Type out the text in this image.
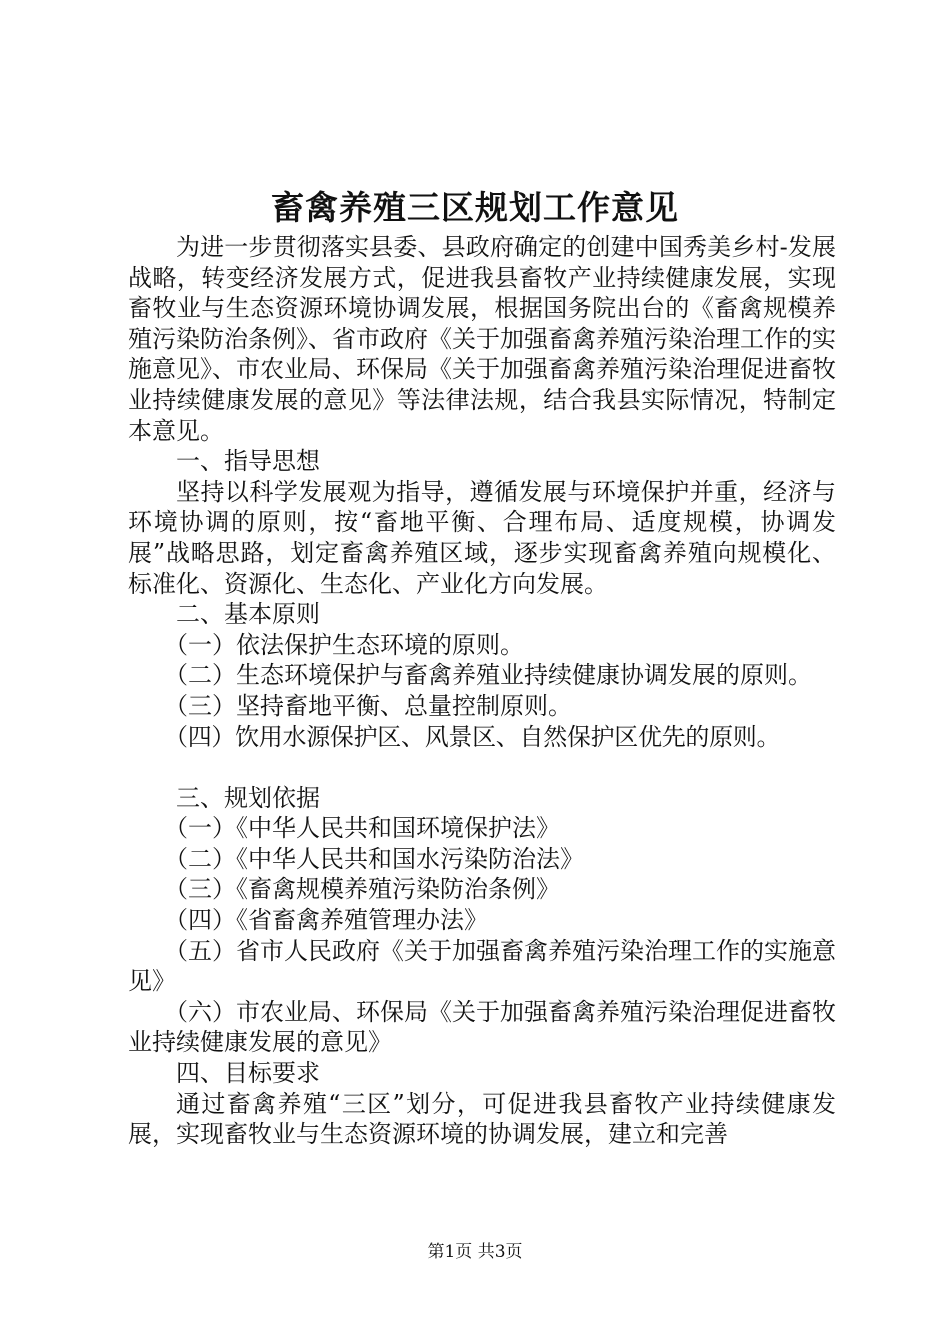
畜禽养殖三区规划工作意见

为进一步贯彻落实县委、县政府确定的创建中国秀美乡村-发展战略，转变经济发展方式，促进我县畜牧产业持续健康发展，实现畜牧业与生态资源环境协调发展，根据国务院出台的《畜禽规模养殖污染防治条例》、省市政府《关于加强畜禽养殖污染治理工作的实施意见》、市农业局、环保局《关于加强畜禽养殖污染治理促进畜牧业持续健康发展的意见》等法律法规，结合我县实际情况，特制定本意见。

一、指导思想

坚持以科学发展观为指导，遵循发展与环境保护并重，经济与环境协调的原则，按“畜地平衡、合理布局、适度规模，协调发展”战略思路，划定畜禽养殖区域，逐步实现畜禽养殖向规模化、标准化、资源化、生态化、产业化方向发展。

二、基本原则

（一）依法保护生态环境的原则。

（二）生态环境保护与畜禽养殖业持续健康协调发展的原则。

（三）坚持畜地平衡、总量控制原则。

（四）饮用水源保护区、风景区、自然保护区优先的原则。

三、规划依据

（一）《中华人民共和国环境保护法》

（二）《中华人民共和国水污染防治法》

（三）《畜禽规模养殖污染防治条例》

（四）《省畜禽养殖管理办法》

（五）省市人民政府《关于加强畜禽养殖污染治理工作的实施意见》

（六）市农业局、环保局《关于加强畜禽养殖污染治理促进畜牧业持续健康发展的意见》

四、目标要求

通过畜禽养殖“三区”划分，可促进我县畜牧产业持续健康发展，实现畜牧业与生态资源环境的协调发展，建立和完善

第1页 共3页
